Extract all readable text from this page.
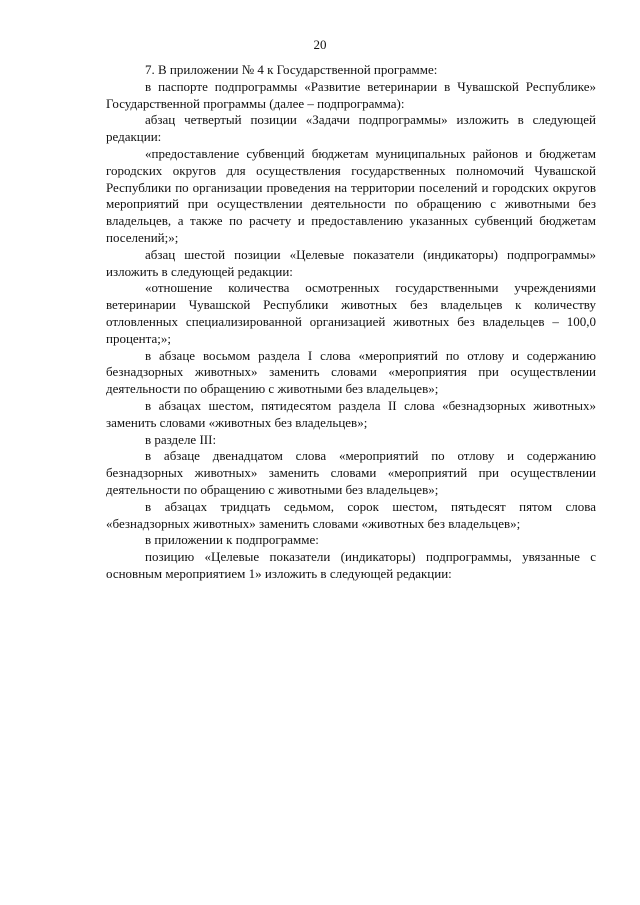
20

7. В приложении № 4 к Государственной программе:

в паспорте подпрограммы «Развитие ветеринарии в Чувашской Республике» Государственной программы (далее – подпрограмма):

абзац четвертый позиции «Задачи подпрограммы» изложить в следующей редакции:

«предоставление субвенций бюджетам муниципальных районов и бюджетам городских округов для осуществления государственных полномочий Чувашской Республики по организации проведения на территории поселений и городских округов мероприятий при осуществлении деятельности по обращению с животными без владельцев, а также по расчету и предоставлению указанных субвенций бюджетам поселений;»;

абзац шестой позиции «Целевые показатели (индикаторы) подпрограммы» изложить в следующей редакции:

«отношение количества осмотренных государственными учреждениями ветеринарии Чувашской Республики животных без владельцев к количеству отловленных специализированной организацией животных без владельцев – 100,0 процента;»;

в абзаце восьмом раздела I слова «мероприятий по отлову и содержанию безнадзорных животных» заменить словами «мероприятия при осуществлении деятельности по обращению с животными без владельцев»;

в абзацах шестом, пятидесятом раздела II слова «безнадзорных животных» заменить словами «животных без владельцев»;

в разделе III:

в абзаце двенадцатом слова «мероприятий по отлову и содержанию безнадзорных животных» заменить словами «мероприятий при осуществлении деятельности по обращению с животными без владельцев»;

в абзацах тридцать седьмом, сорок шестом, пятьдесят пятом слова «безнадзорных животных» заменить словами «животных без владельцев»;

в приложении к подпрограмме:

позицию «Целевые показатели (индикаторы) подпрограммы, увязанные с основным мероприятием 1» изложить в следующей редакции:
